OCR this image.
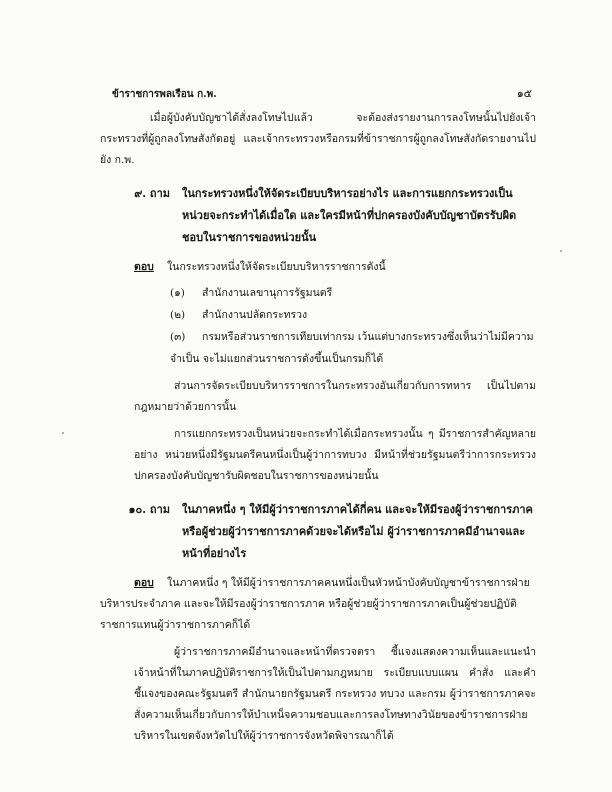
ข้าราชการพลเรือน ก.พ.	๑๕

เมื่อผู้บังคับบัญชาได้สั่งลงโทษไปแล้ว จะต้องส่งรายงานการลงโทษนั้นไปยังเจ้ากระทรวงที่ผู้ถูกลงโทษสังกัดอยู่ และเจ้ากระทรวงหรือกรมที่ข้าราชการผู้ถูกลงโทษสังกัดรายงานไปยัง ก.พ.

๙. ถาม	ในกระทรวงหนึ่งให้จัดระเบียบบริหารอย่างไร และการแยกกระทรวงเป็นหน่วยจะกระทำได้เมื่อใด และใครมีหน้าที่ปกครองบังคับบัญชาบัตรรับผิดชอบในราชการของหน่วยนั้น
ตอบ ในกระทรวงหนึ่งให้จัดระเบียบบริหารราชการดังนี้
(๑) สำนักงานเลขานุการรัฐมนตรี
(๒) สำนักงานปลัดกระทรวง
(๓) กรมหรือส่วนราชการเทียบเท่ากรม เว้นแต่บางกระทรวงซึ่งเห็นว่าไม่มีความจำเป็น จะไม่แยกส่วนราชการดังขึ้นเป็นกรมก็ได้

ส่วนการจัดระเบียบบริหารราชการในกระทรวงอันเกี่ยวกับการทหาร เป็นไปตามกฎหมายว่าด้วยการนั้น

การแยกกระทรวงเป็นหน่วยจะกระทำได้เมื่อกระทรวงนั้น ๆ มีราชการสำคัญหลายอย่าง หน่วยหนึ่งมีรัฐมนตรีคนหนึ่งเป็นผู้ว่าการทบวง มีหน้าที่ช่วยรัฐมนตรีว่าการกระทรวงปกครองบังคับบัญชารับผิดชอบในราชการของหน่วยนั้น

๑๐. ถาม	ในภาคหนึ่ง ๆ ให้มีผู้ว่าราชการภาคได้กี่คน และจะให้มีรองผู้ว่าราชการภาคหรือผู้ช่วยผู้ว่าราชการภาคด้วยจะได้หรือไม่ ผู้ว่าราชการภาคมีอำนาจและหน้าที่อย่างไร
ตอบ ในภาคหนึ่ง ๆ ให้มีผู้ว่าราชการภาคคนหนึ่งเป็นหัวหน้าบังคับบัญชาข้าราชการฝ่ายบริหารประจำภาค และจะให้มีรองผู้ว่าราชการภาค หรือผู้ช่วยผู้ว่าราชการภาคเป็นผู้ช่วยปฏิบัติราชการแทนผู้ว่าราชการภาคก็ได้

ผู้ว่าราชการภาคมีอำนาจและหน้าที่ตรวจตรา ชี้แจงแสดงความเห็นและแนะนำเจ้าหน้าที่ในภาคปฏิบัติราชการให้เป็นไปตามกฎหมาย ระเบียบแบบแผน คำสั่ง และคำชี้แจงของคณะรัฐมนตรี สำนักนายกรัฐมนตรี กระทรวง ทบวง และกรม ผู้ว่าราชการภาคจะสั่งความเห็นเกี่ยวกับการให้บำเหน็จความชอบและการลงโทษทางวินัยของข้าราชการฝ่ายบริหารในเขตจังหวัดไปให้ผู้ว่าราชการจังหวัดพิจารณาก็ได้
